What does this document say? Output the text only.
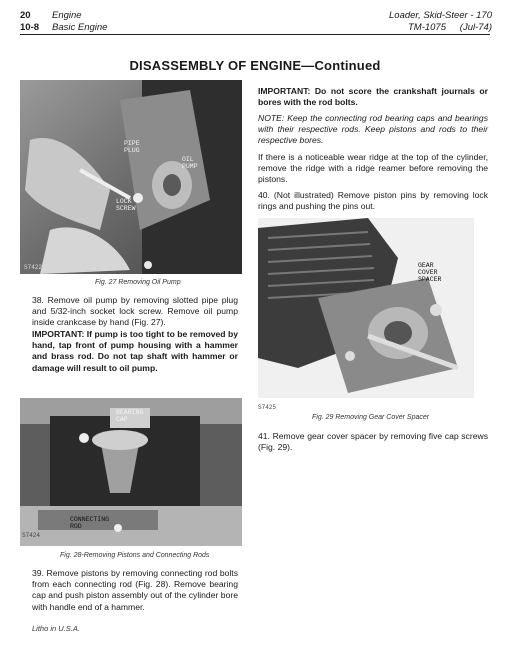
20 Engine
10-8 Basic Engine
Loader, Skid-Steer - 170
TM-1075 (Jul-74)
DISASSEMBLY OF ENGINE—Continued
PIPE
PLUG
OIL
PUMP
LOCK
SCREW
S7422
Fig. 27 Removing Oil Pump
38. Remove oil pump by removing slotted pipe plug and 5/32-inch socket lock screw. Remove oil pump inside crankcase by hand (Fig. 27).
IMPORTANT: If pump is too tight to be removed by hand, tap front of pump housing with a hammer and brass rod. Do not tap shaft with hammer or damage will result to oil pump.
BEARING
CAP
CONNECTING
ROD
S7424
Fig. 28-Removing Pistons and Connecting Rods
39. Remove pistons by removing connecting rod bolts from each connecting rod (Fig. 28). Remove bearing cap and push piston assembly out of the cylinder bore with handle end of a hammer.
Litho in U.S.A.
IMPORTANT: Do not score the crankshaft journals or bores with the rod bolts.
NOTE: Keep the connecting rod bearing caps and bearings with their respective rods. Keep pistons and rods to their respective bores.
If there is a noticeable wear ridge at the top of the cylinder, remove the ridge with a ridge reamer before removing the pistons.
40. (Not illustrated) Remove piston pins by removing lock rings and pushing the pins out.
GEAR
COVER
SPACER
S7425
Fig. 29 Removing Gear Cover Spacer
41. Remove gear cover spacer by removing five cap screws (Fig. 29).
